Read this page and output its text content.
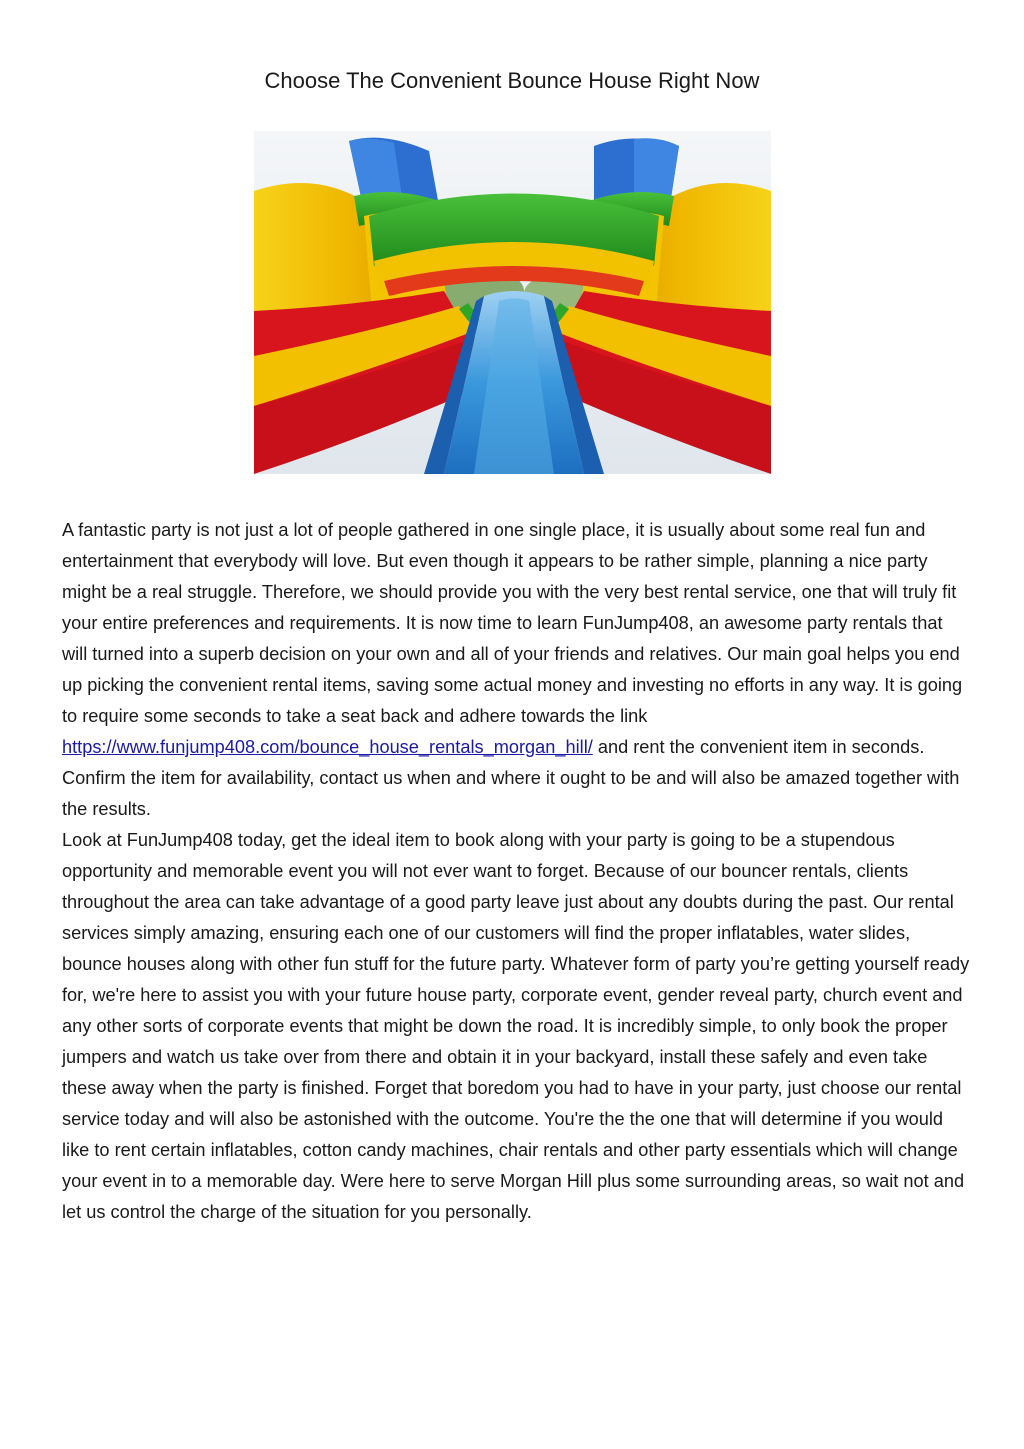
Choose The Convenient Bounce House Right Now

A fantastic party is not just a lot of people gathered in one single place, it is usually about some real fun and entertainment that everybody will love. But even though it appears to be rather simple, planning a nice party might be a real struggle. Therefore, we should provide you with the very best rental service, one that will truly fit your entire preferences and requirements. It is now time to learn FunJump408, an awesome party rentals that will turned into a superb decision on your own and all of your friends and relatives. Our main goal helps you end up picking the convenient rental items, saving some actual money and investing no efforts in any way. It is going to require some seconds to take a seat back and adhere towards the link https://www.funjump408.com/bounce_house_rentals_morgan_hill/ and rent the convenient item in seconds. Confirm the item for availability, contact us when and where it ought to be and will also be amazed together with the results.

Look at FunJump408 today, get the ideal item to book along with your party is going to be a stupendous opportunity and memorable event you will not ever want to forget. Because of our bouncer rentals, clients throughout the area can take advantage of a good party leave just about any doubts during the past. Our rental services simply amazing, ensuring each one of our customers will find the proper inflatables, water slides, bounce houses along with other fun stuff for the future party. Whatever form of party you’re getting yourself ready for, we're here to assist you with your future house party, corporate event, gender reveal party, church event and any other sorts of corporate events that might be down the road. It is incredibly simple, to only book the proper jumpers and watch us take over from there and obtain it in your backyard, install these safely and even take these away when the party is finished. Forget that boredom you had to have in your party, just choose our rental service today and will also be astonished with the outcome. You're the the one that will determine if you would like to rent certain inflatables, cotton candy machines, chair rentals and other party essentials which will change your event in to a memorable day. Were here to serve Morgan Hill plus some surrounding areas, so wait not and let us control the charge of the situation for you personally.
